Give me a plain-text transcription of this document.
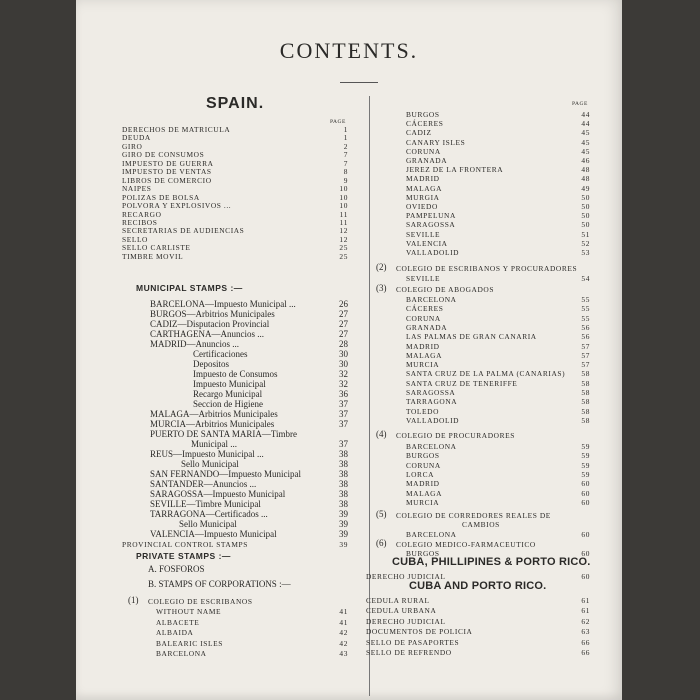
CONTENTS.
SPAIN.
PAGE
PAGE
DERECHOS DE MATRICULA	1
DEUDA	1
GIRO	2
GIRO DE CONSUMOS	7
IMPUESTO DE GUERRA	7
IMPUESTO DE VENTAS	8
LIBROS DE COMERCIO	9
NAIPES	10
POLIZAS DE BOLSA	10
POLVORA Y EXPLOSIVOS ...	10
RECARGO	11
RECIBOS	11
SECRETARIAS DE AUDIENCIAS	12
SELLO	12
SELLO CARLISTE	25
TIMBRE MOVIL	25
MUNICIPAL STAMPS :—
BARCELONA—Impuesto Municipal ...	26
BURGOS—Arbitrios Municipales	27
CADIZ—Disputacion Provincial	27
CARTHAGENA—Anuncios ...	27
MADRID—Anuncios ...	28
Certificaciones	30
Depositos	30
Impuesto de Consumos	32
Impuesto Municipal	32
Recargo Municipal	36
Seccion de Higiene	37
MALAGA—Arbitrios Municipales	37
MURCIA—Arbitrios Municipales	37
PUERTO DE SANTA MARIA—Timbre
Municipal ...	37
REUS—Impuesto Municipal ...	38
Sello Municipal	38
SAN FERNANDO—Impuesto Municipal	38
SANTANDER—Anuncios ...	38
SARAGOSSA—Impuesto Municipal	38
SEVILLE—Timbre Municipal	38
TARRAGONA—Certificados ...	39
Sello Municipal	39
VALENCIA—Impuesto Municipal	39
PROVINCIAL CONTROL STAMPS	39
PRIVATE STAMPS :—
A. FOSFOROS
B. STAMPS OF CORPORATIONS :—
(1) COLEGIO DE ESCRIBANOS
WITHOUT NAME	41
ALBACETE	41
ALBAIDA	42
BALEARIC ISLES	42
BARCELONA	43
BURGOS	44
CÁCERES	44
CADIZ	45
CANARY ISLES	45
CORUNA	45
GRANADA	46
JEREZ DE LA FRONTERA	48
MADRID	48
MALAGA	49
MURGIA	50
OVIEDO	50
PAMPELUNA	50
SARAGOSSA	50
SEVILLE	51
VALENCIA	52
VALLADOLID	53
(2) COLEGIO DE ESCRIBANOS Y PROCURADORES
SEVILLE	54
(3) COLEGIO DE ABOGADOS
BARCELONA	55
CÁCERES	55
CORUNA	55
GRANADA	56
LAS PALMAS DE GRAN CANARIA	56
MADRID	57
MALAGA	57
MURCIA	57
SANTA CRUZ DE LA PALMA (CANARIAS)	58
SANTA CRUZ DE TENERIFFE	58
SARAGOSSA	58
TARRAGONA	58
TOLEDO	58
VALLADOLID	58
(4) COLEGIO DE PROCURADORES
BARCELONA	59
BURGOS	59
CORUNA	59
LORCA	59
MADRID	60
MALAGA	60
MURCIA	60
(5) COLEGIO DE CORREDORES REALES DE
CAMBIOS
BARCELONA	60
(6) COLEGIO MEDICO-FARMACEUTICO
BURGOS	60
CUBA, PHILLIPINES & PORTO RICO.
DERECHO JUDICIAL	60
CUBA AND PORTO RICO.
CEDULA RURAL	61
CEDULA URBANA	61
DERECHO JUDICIAL	62
DOCUMENTOS DE POLICIA	63
SELLO DE PASAPORTES	66
SELLO DE REFRENDO	66
